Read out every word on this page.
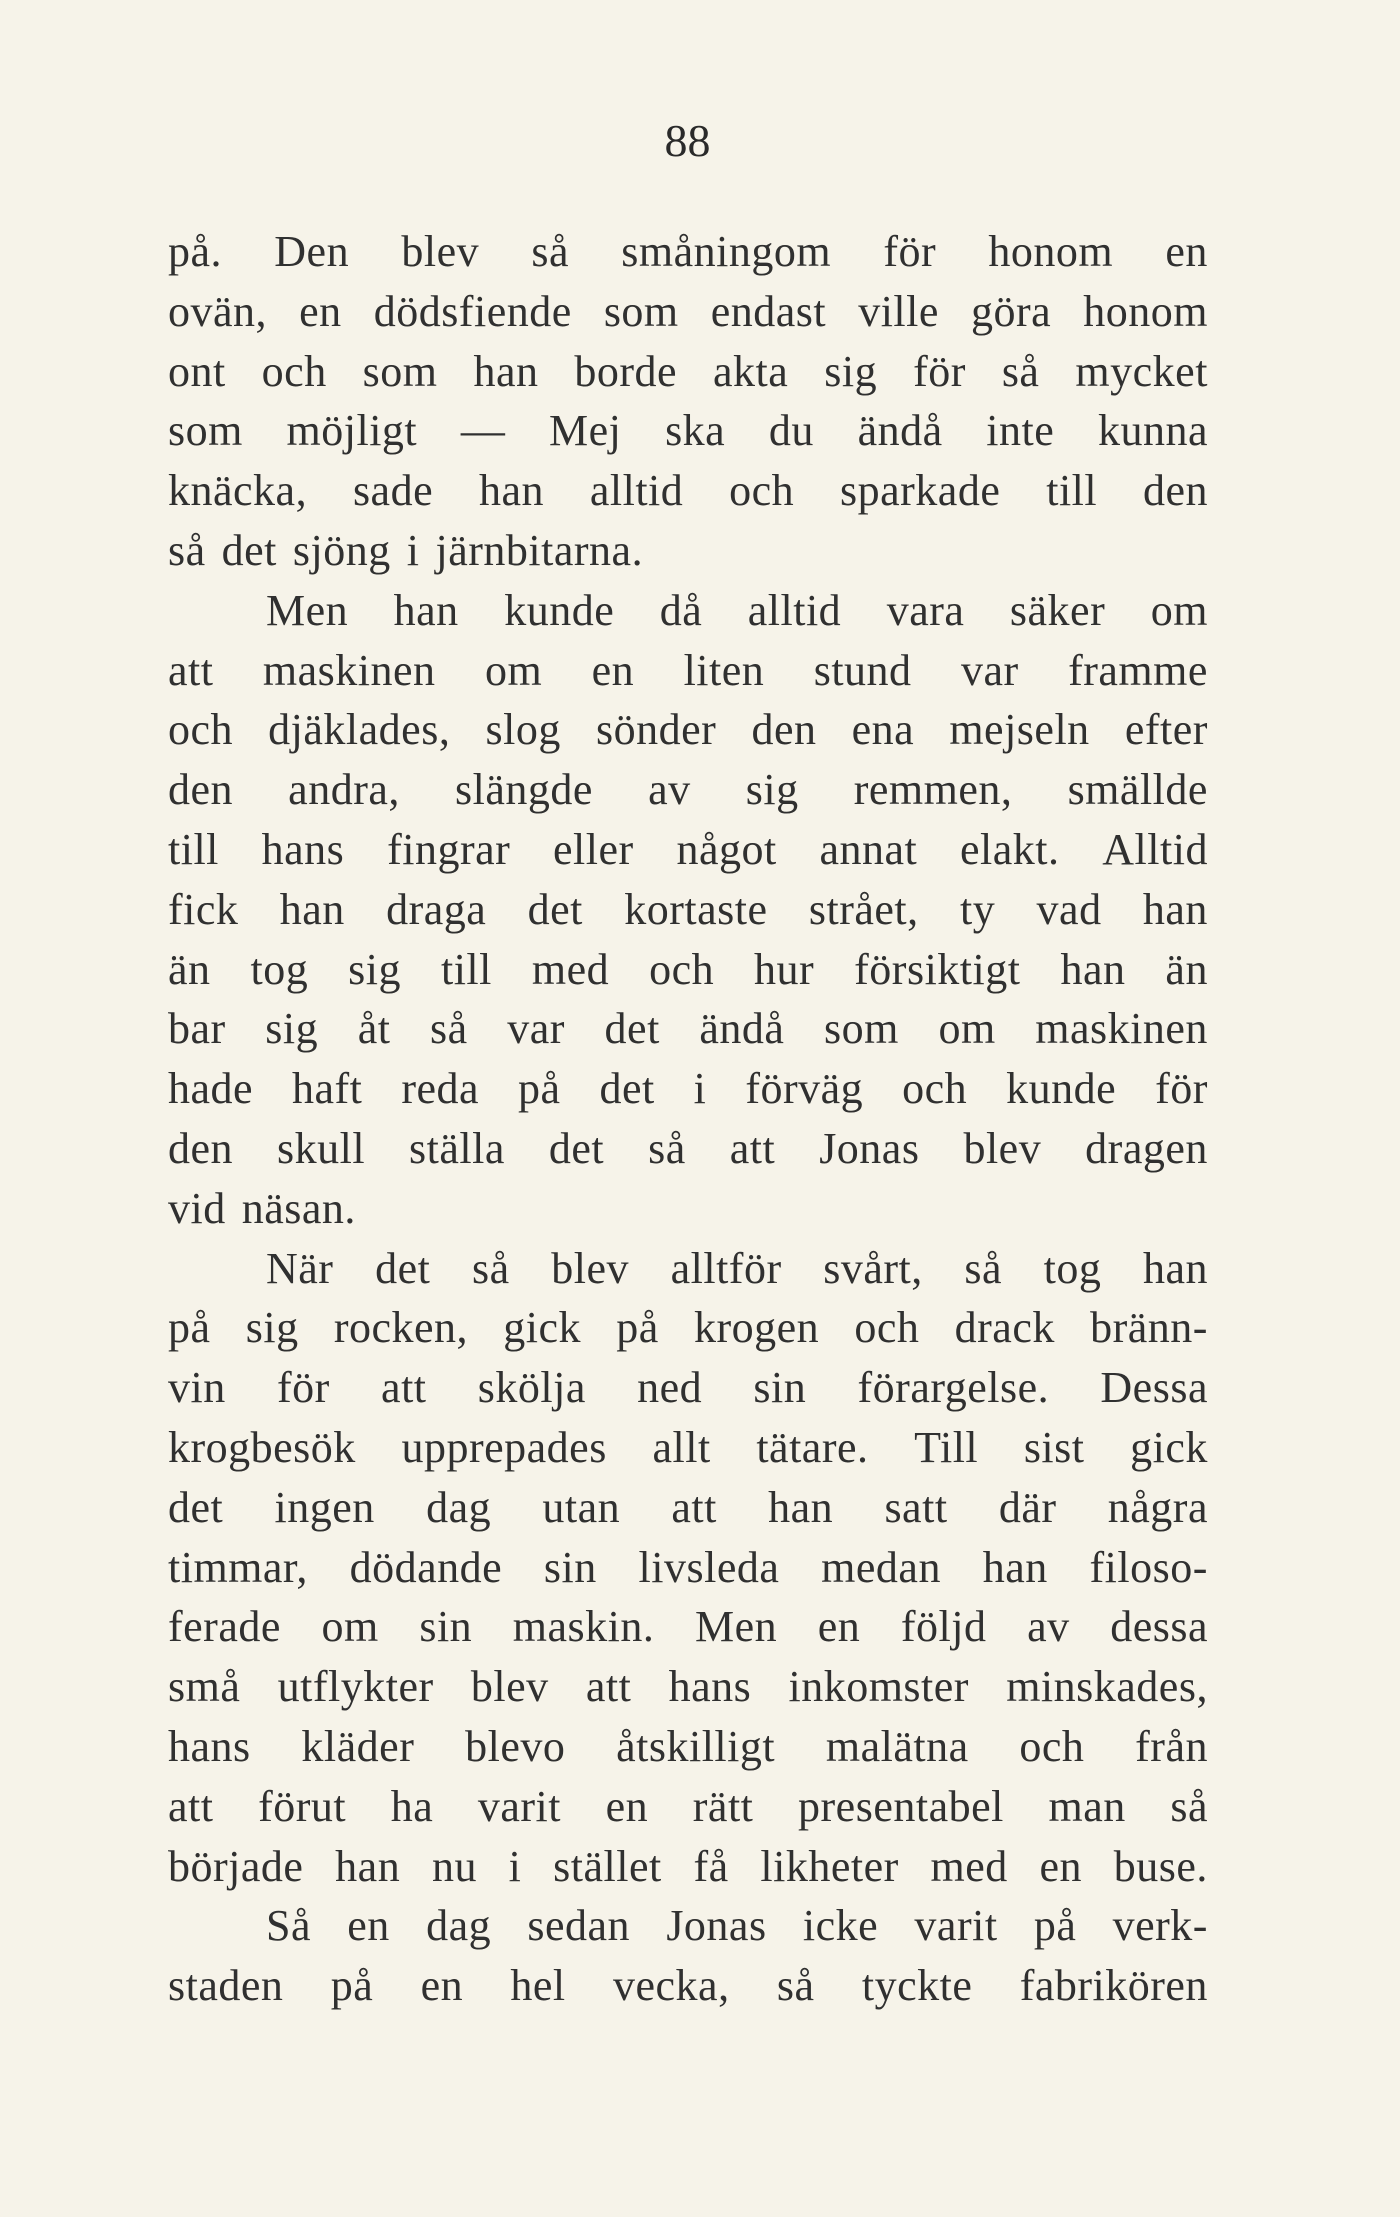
88
på. Den blev så småningom för honom en
ovän, en dödsfiende som endast ville göra honom
ont och som han borde akta sig för så mycket
som möjligt — Mej ska du ändå inte kunna
knäcka, sade han alltid och sparkade till den
så det sjöng i järnbitarna.
Men han kunde då alltid vara säker om
att maskinen om en liten stund var framme
och djäklades, slog sönder den ena mejseln efter
den andra, slängde av sig remmen, smällde
till hans fingrar eller något annat elakt. Alltid
fick han draga det kortaste strået, ty vad han
än tog sig till med och hur försiktigt han än
bar sig åt så var det ändå som om maskinen
hade haft reda på det i förväg och kunde för
den skull ställa det så att Jonas blev dragen
vid näsan.
När det så blev alltför svårt, så tog han
på sig rocken, gick på krogen och drack bränn-
vin för att skölja ned sin förargelse. Dessa
krogbesök upprepades allt tätare. Till sist gick
det ingen dag utan att han satt där några
timmar, dödande sin livsleda medan han filoso-
ferade om sin maskin. Men en följd av dessa
små utflykter blev att hans inkomster minskades,
hans kläder blevo åtskilligt malätna och från
att förut ha varit en rätt presentabel man så
började han nu i stället få likheter med en buse.
Så en dag sedan Jonas icke varit på verk-
staden på en hel vecka, så tyckte fabrikören
